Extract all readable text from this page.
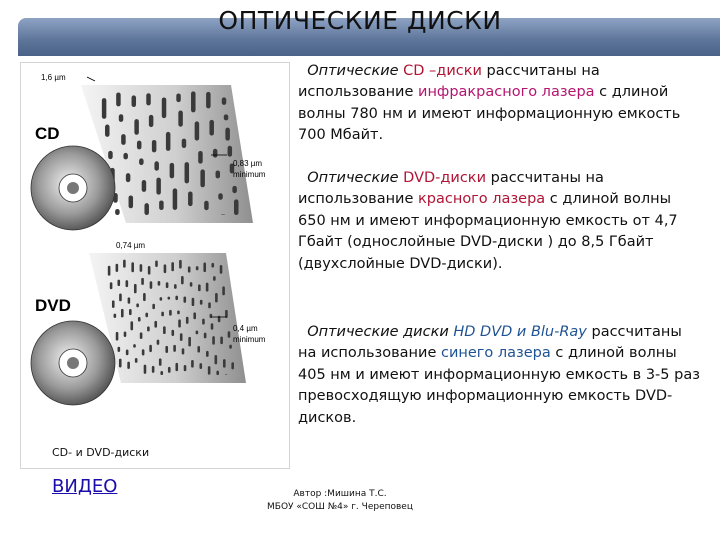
ОПТИЧЕСКИЕ ДИСКИ
1,6 µm
CD
0,83 µm
minimum
0,74 µm
DVD
0,4 µm
minimum
CD- и DVD-диски
ВИДЕО
Оптические CD –диски рассчитаны на использование инфракрасного лазера с длиной волны 780 нм и имеют информационную емкость 700 Мбайт.
Оптические DVD-диски рассчитаны на использование красного лазера с длиной волны 650 нм и имеют информационную емкость от 4,7 Гбайт (однослойные DVD-диски ) до 8,5 Гбайт (двухслойные DVD-диски).
Оптические диски HD DVD и Blu-Ray рассчитаны на использование синего лазера с длиной волны 405 нм и имеют информационную емкость в 3-5 раз превосходящую информационную емкость DVD-дисков.
Автор :Мишина Т.С.
МБОУ «СОШ №4» г. Череповец
